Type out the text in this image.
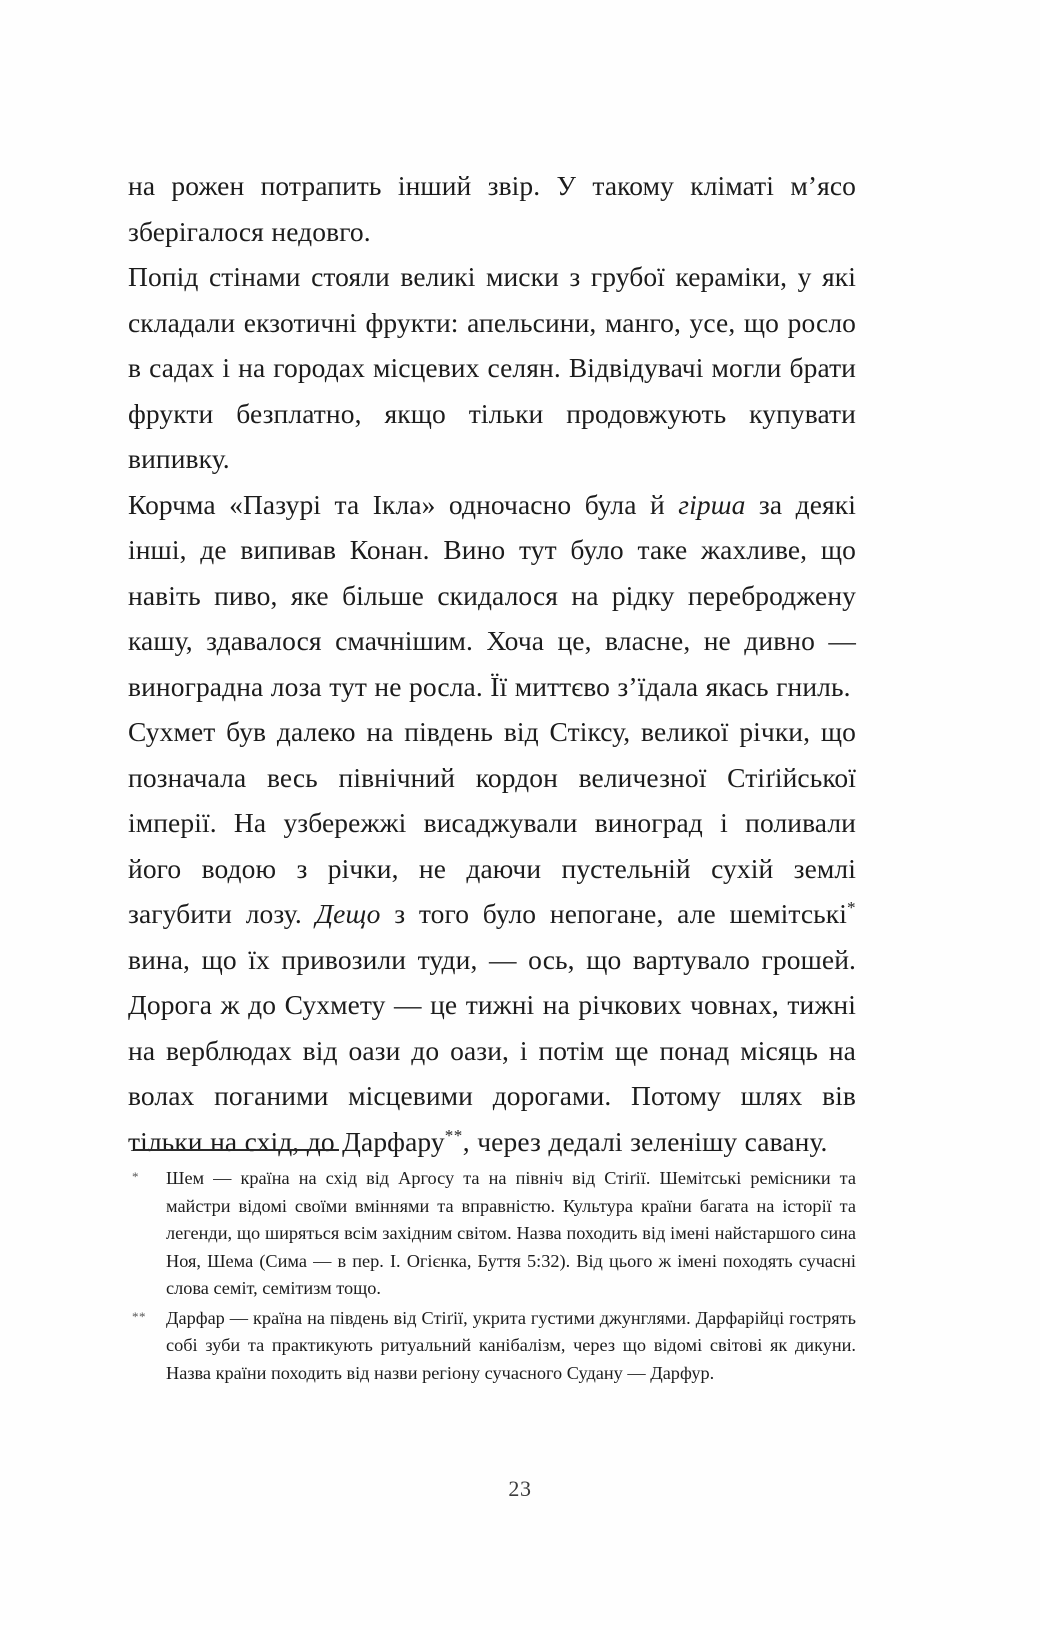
на рожен потрапить інший звір. У такому кліматі м’ясо зберігалося недовго.

Попід стінами стояли великі миски з грубої кераміки, у які складали екзотичні фрукти: апельсини, манго, усе, що росло в садах і на городах місцевих селян. Відвідувачі могли брати фрукти безплатно, якщо тільки продовжують купувати випивку.

Корчма «Пазурі та Ікла» одночасно була й гірша за деякі інші, де випивав Конан. Вино тут було таке жахливе, що навіть пиво, яке більше скидалося на рідку переброджену кашу, здавалося смачнішим. Хоча це, власне, не дивно — виноградна лоза тут не росла. Її миттєво з’їдала якась гниль.

Сухмет був далеко на південь від Стіксу, великої річки, що позначала весь північний кордон величезної Стіґійської імперії. На узбережжі висаджували виноград і поливали його водою з річки, не даючи пустельній сухій землі загубити лозу. Дещо з того було непогане, але шемітські* вина, що їх привозили туди, — ось, що вартувало грошей. Дорога ж до Сухмету — це тижні на річкових човнах, тижні на верблюдах від оази до оази, і потім ще понад місяць на волах поганими місцевими дорогами. Потому шлях вів тільки на схід, до Дарфару**, через дедалі зеленішу савану.

* Шем — країна на схід від Аргосу та на північ від Стіґії. Шемітські ремісники та майстри відомі своїми вміннями та вправністю. Культура країни багата на історії та легенди, що ширяться всім західним світом. Назва походить від імені найстаршого сина Ноя, Шема (Сима — в пер. І. Огієнка, Буття 5:32). Від цього ж імені походять сучасні слова семіт, семітизм тощо.
** Дарфар — країна на південь від Стіґії, укрита густими джунглями. Дарфарійці гострять собі зуби та практикують ритуальний канібалізм, через що відомі світові як дикуни. Назва країни походить від назви регіону сучасного Судану — Дарфур.
23
